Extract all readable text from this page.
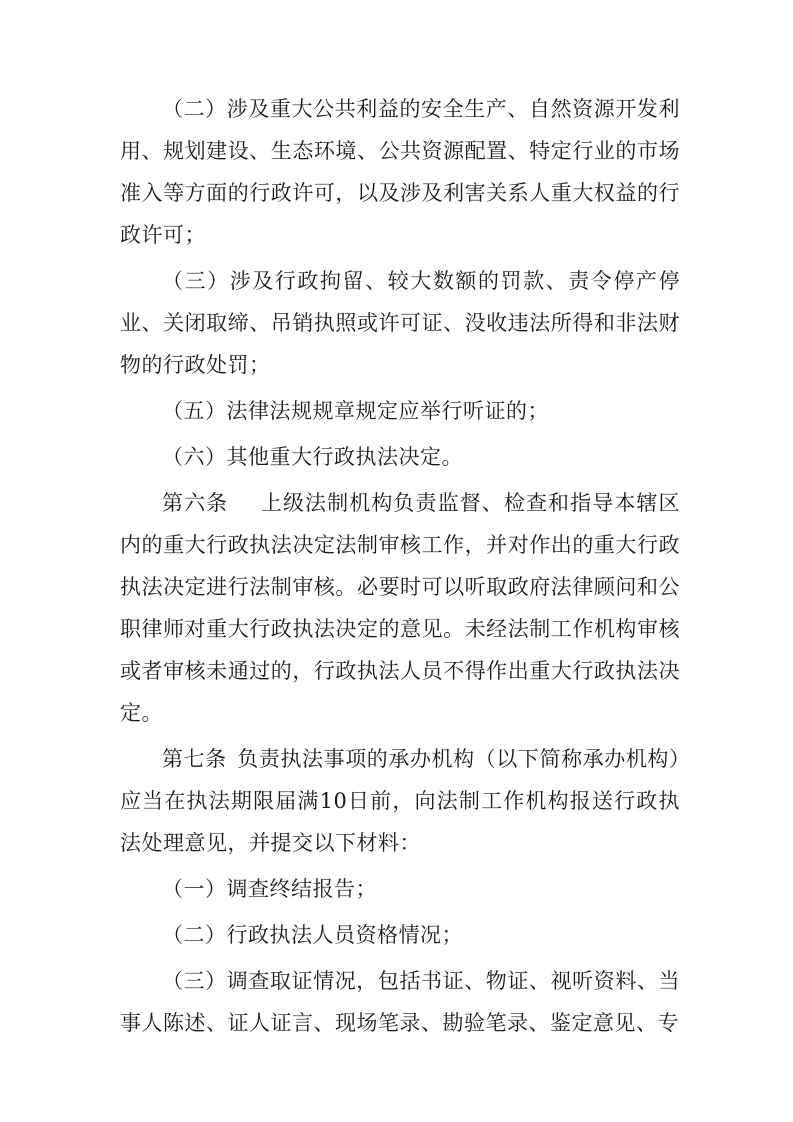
（二）涉及重大公共利益的安全生产、自然资源开发利用、规划建设、生态环境、公共资源配置、特定行业的市场准入等方面的行政许可，以及涉及利害关系人重大权益的行政许可；

（三）涉及行政拘留、较大数额的罚款、责令停产停业、关闭取缔、吊销执照或许可证、没收违法所得和非法财物的行政处罚；

（五）法律法规规章规定应举行听证的；

（六）其他重大行政执法决定。

第六条　上级法制机构负责监督、检查和指导本辖区内的重大行政执法决定法制审核工作，并对作出的重大行政执法决定进行法制审核。必要时可以听取政府法律顾问和公职律师对重大行政执法决定的意见。未经法制工作机构审核或者审核未通过的，行政执法人员不得作出重大行政执法决定。

第七条 负责执法事项的承办机构（以下简称承办机构）应当在执法期限届满10日前，向法制工作机构报送行政执法处理意见，并提交以下材料：

（一）调查终结报告；

（二）行政执法人员资格情况；

（三）调查取证情况，包括书证、物证、视听资料、当事人陈述、证人证言、现场笔录、勘验笔录、鉴定意见、专
